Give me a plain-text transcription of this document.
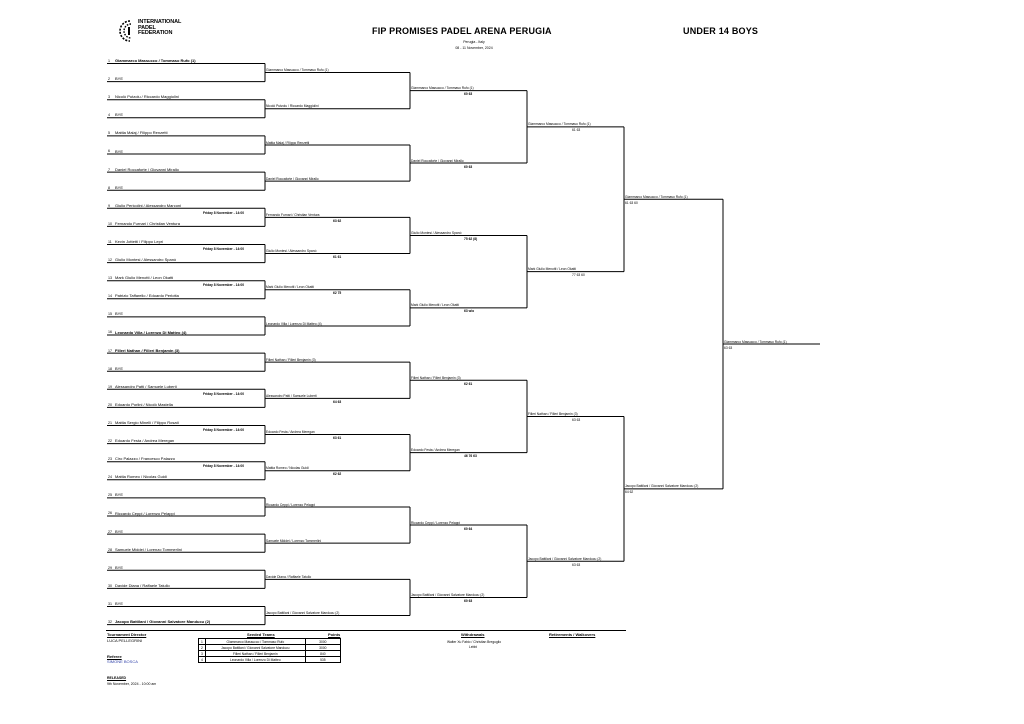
INTERNATIONAL
PADEL
FEDERATION	FIP PROMISES PADEL ARENA PERUGIA
Perugia - Italy
08 - 11 November, 2024
UNDER 14 BOYS
1 Giammarco Massucco / Tommaso Rufo (1)
2 BYE
3 Nicolò Putzolu / Riccardo Maggiolini
4 BYE
5 Mattia Malaj / Filippo Renzetti
6 BYE
7 Daniel Roccaforte / Giovanni Mirallo
8 BYE
9 Giulio Pericolini / Alessandro Marconi
10 Fernando Furnari / Christian Ventura
11 Kevin Jottetti / Filippo Lepri
12 Giulio Montesi / Alessandro Spanò
13 Mark Giulio Menotti / Leon Okatti
14 Patrizio Taffarello / Edoardo Perlotta
15 BYE
16 Leonardo Villa / Lorenzo Di Matteo (4)
17 Filleri Nathan / Filleri Benjamin (3)
18 BYE
19 Alessandro Patti / Samuele Luberti
20 Edoardo Porlini / Nicolò Mastella
21 Mattia Sergio Minelli / Filippo Rosati
22 Edoardo Festa / Andrea Meregan
23 Ciro Palazzo / Francesco Palazzo
24 Mattia Romeo / Nicolas Guidi
25 BYE
26 Riccardo Ceppi / Lorenzo Pelappi
27 BYE
28 Samuele Middei / Lorenzo Tommerlini
29 BYE
30 Davide Diana / Raffaele Tatullo
31 BYE
32 Jacopo Battilani / Giovanni Salvatore Manducu (2)
Giammarco Massucco / Tommaso Rufo (1)
Nicolò Putzolu / Riccardo Maggiolini
Mattia Malaj / Filippo Renzetti
Daniel Roccaforte / Giovanni Mirallo
Fernando Furnari / Christian Ventura
63 62
Giulio Montesi / Alessandro Spanò
61 61
Mark Giulio Menotti / Leon Okatti
62 75
Leonardo Villa / Lorenzo Di Matteo (4)
Filleri Nathan / Filleri Benjamin (3)
Alessandro Patti / Samuele Luberti
64 63
Edoardo Festa / Andrea Meregan
63 61
Mattia Romeo / Nicolas Guidi
62 62
Riccardo Ceppi / Lorenzo Pelappi
Samuele Middei / Lorenzo Tommerlini
Davide Diana / Raffaele Tatullo
Jacopo Battilani / Giovanni Salvatore Manducu (2)
Friday 8 November - 14:00
Friday 8 November - 14:00
Friday 8 November - 14:00
Friday 8 November - 14:00
Friday 8 November - 14:00
Friday 8 November - 14:00
Giammarco Massucco / Tommaso Rufo (1)
60 63
Daniel Roccaforte / Giovanni Mirallo
60 63
Giulio Montesi / Alessandro Spanò
75 62 (8)
Mark Giulio Menotti / Leon Okatti
63 w/o
Filleri Nathan / Filleri Benjamin (3)
62 61
Edoardo Festa / Andrea Meregan
46 76 63
Riccardo Ceppi / Lorenzo Pelappi
60 64
Jacopo Battilani / Giovanni Salvatore Manducu (2)
60 63
Giammarco Massucco / Tommaso Rufo (1)
61 63
Mark Giulio Menotti / Leon Okatti
77 63 60
Filleri Nathan / Filleri Benjamin (3)
63 63
Jacopo Battilani / Giovanni Salvatore Manducu (2)
63 63
Giammarco Massucco / Tommaso Rufo (1)
61 63 60
Jacopo Battilani / Giovanni Salvatore Manducu (2)
64 62
Giammarco Massucco / Tommaso Rufo (1)
63 63
Tournament Director
LUCA PELLEGRINI
Referee
SIMONE BOSCA
RELEASED
9th November, 2024 - 10:00 am
Seeded Teams	Points
1	Giammarco Massucco / Tommaso Rufo	3000
2	Jacopo Battilani / Giovanni Salvatore Manducu	3000
3	Filleri Nathan / Filleri Benjamin	840
4	Leonardo Villa / Lorenzo Di Matteo	535
Withdrawals
Walter Xu Fabio / Christian Breguglio
Lebbi
Retirements / Walkovers
